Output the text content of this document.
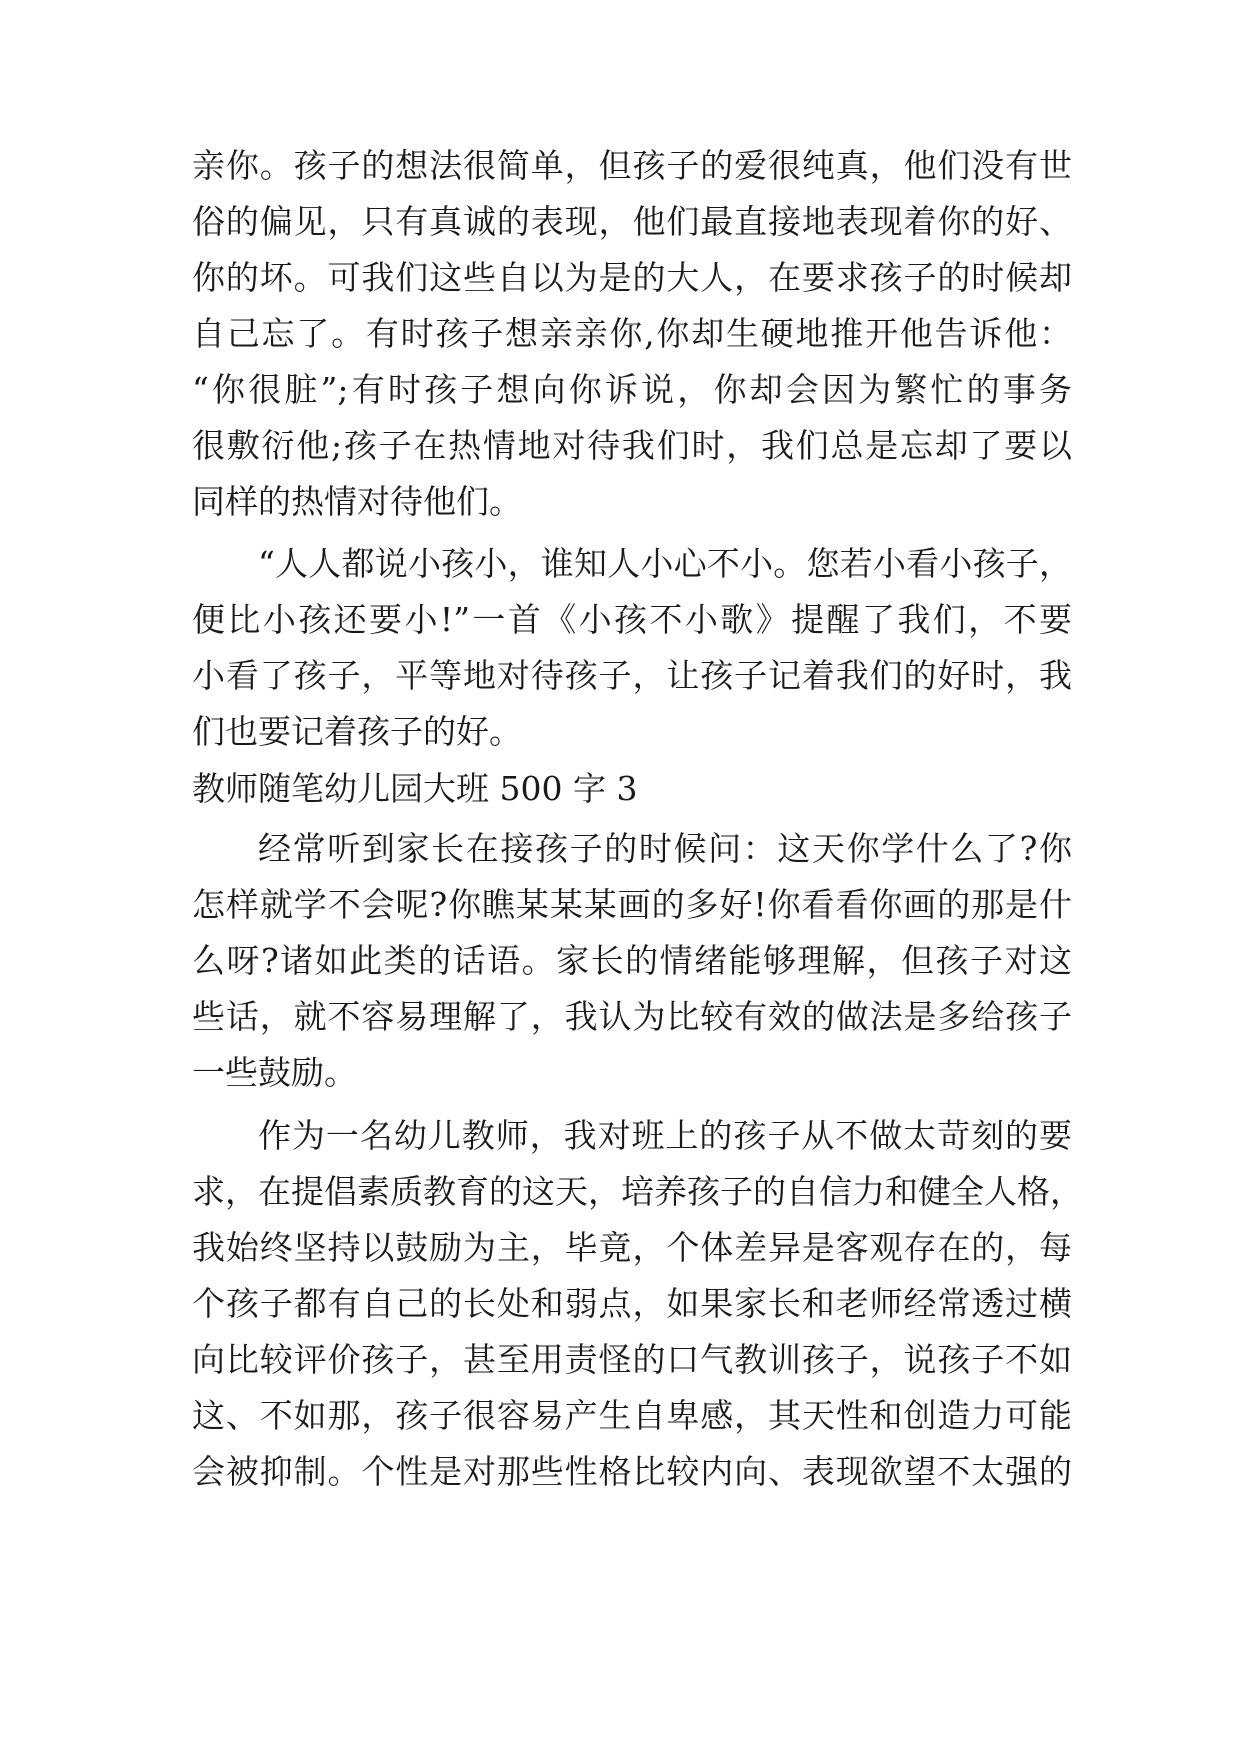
亲你。孩子的想法很简单，但孩子的爱很纯真，他们没有世
俗的偏见，只有真诚的表现，他们最直接地表现着你的好、
你的坏。可我们这些自以为是的大人，在要求孩子的时候却
自己忘了。有时孩子想亲亲你,你却生硬地推开他告诉他：
“你很脏”;有时孩子想向你诉说，你却会因为繁忙的事务
很敷衍他;孩子在热情地对待我们时，我们总是忘却了要以
同样的热情对待他们。
“人人都说小孩小，谁知人小心不小。您若小看小孩子，
便比小孩还要小!”一首《小孩不小歌》提醒了我们，不要
小看了孩子，平等地对待孩子，让孩子记着我们的好时，我
们也要记着孩子的好。
教师随笔幼儿园大班 500 字 3
经常听到家长在接孩子的时候问：这天你学什么了?你
怎样就学不会呢?你瞧某某某画的多好!你看看你画的那是什
么呀?诸如此类的话语。家长的情绪能够理解，但孩子对这
些话，就不容易理解了，我认为比较有效的做法是多给孩子
一些鼓励。
作为一名幼儿教师，我对班上的孩子从不做太苛刻的要
求，在提倡素质教育的这天，培养孩子的自信力和健全人格，
我始终坚持以鼓励为主，毕竟，个体差异是客观存在的，每
个孩子都有自己的长处和弱点，如果家长和老师经常透过横
向比较评价孩子，甚至用责怪的口气教训孩子，说孩子不如
这、不如那，孩子很容易产生自卑感，其天性和创造力可能
会被抑制。个性是对那些性格比较内向、表现欲望不太强的
